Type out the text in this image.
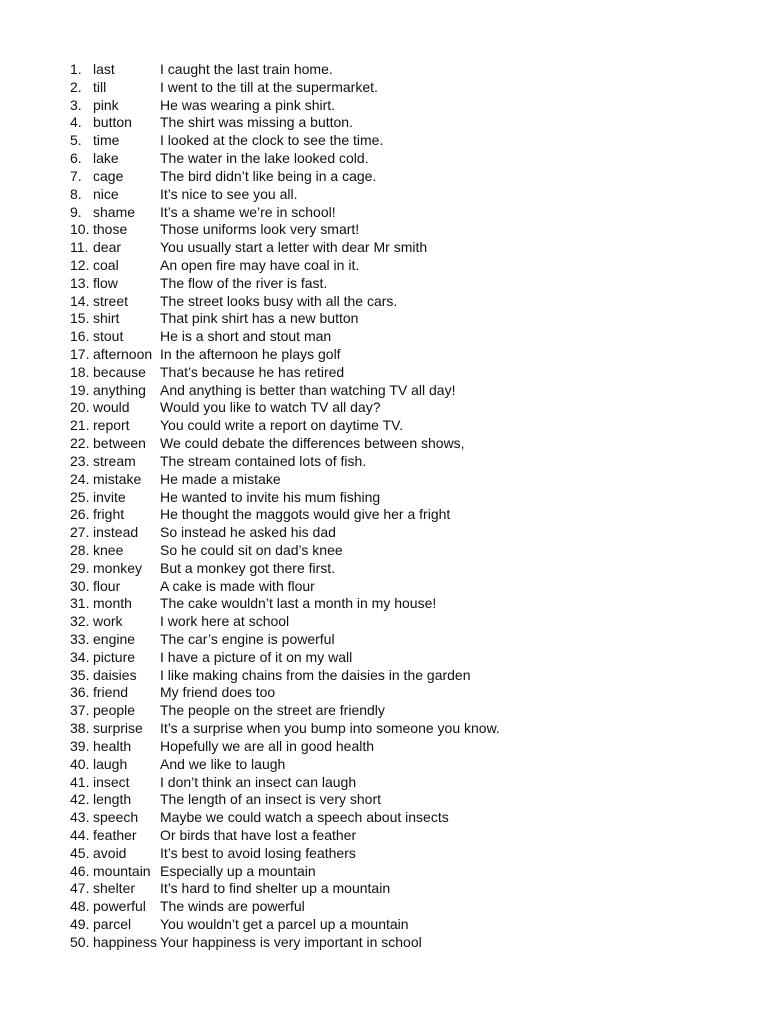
1. last	I caught the last train home.
2. till	I went to the till at the supermarket.
3. pink	He was wearing a pink shirt.
4. button The shirt was missing a button.
5. time	I looked at the clock to see the time.
6. lake	The water in the lake looked cold.
7. cage	The bird didn’t like being in a cage.
8. nice	It’s nice to see you all.
9. shame It’s a shame we’re in school!
10. those Those uniforms look very smart!
11. dear	You usually start a letter with dear Mr smith
12. coal	An open fire may have coal in it.
13. flow	The flow of the river is fast.
14. street The street looks busy with all the cars.
15. shirt	That pink shirt has a new button
16. stout	He is a short and stout man
17. afternoon In the afternoon he plays golf
18. because That’s because he has retired
19. anything And anything is better than watching TV all day!
20. would Would you like to watch TV all day?
21. report You could write a report on daytime TV.
22. between We could debate the differences between shows,
23. stream The stream contained lots of fish.
24. mistake He made a mistake
25. invite He wanted to invite his mum fishing
26. fright	He thought the maggots would give her a fright
27. instead So instead he asked his dad
28. knee	So he could sit on dad’s knee
29. monkey But a monkey got there first.
30. flour	A cake is made with flour
31. month The cake wouldn’t last a month in my house!
32. work	I work here at school
33. engine The car’s engine is powerful
34. picture I have a picture of it on my wall
35. daisies I like making chains from the daisies in the garden
36. friend My friend does too
37. people The people on the street are friendly
38. surprise It’s a surprise when you bump into someone you know.
39. health Hopefully we are all in good health
40. laugh And we like to laugh
41. insect I don’t think an insect can laugh
42. length The length of an insect is very short
43. speech Maybe we could watch a speech about insects
44. feather Or birds that have lost a feather
45. avoid It’s best to avoid losing feathers
46. mountain Especially up a mountain
47. shelter It’s hard to find shelter up a mountain
48. powerful The winds are powerful
49. parcel You wouldn’t get a parcel up a mountain
50. happiness Your happiness is very important in school
